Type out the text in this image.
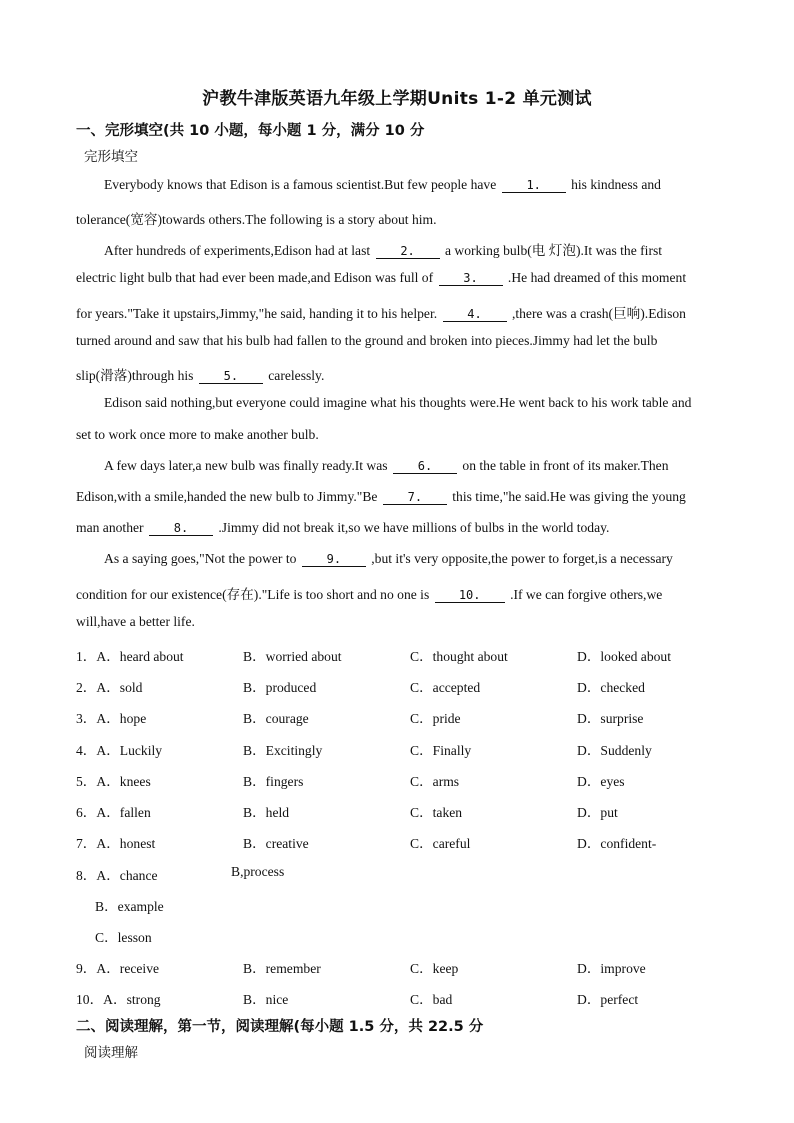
沪教牛津版英语九年级上学期Units 1-2 单元测试
一、完形填空(共 10 小题，每小题 1 分，满分 10 分
完形填空
Everybody knows that Edison is a famous scientist.But few people have	1. his kindness and
tolerance(宽容)towards others.The following is a story about him.
After hundreds of experiments,Edison had at last	2. a working bulb(电 灯泡).It was the first
electric light bulb that had ever been made,and Edison was full of	3. .He had dreamed of this moment
for years."Take it upstairs,Jimmy,"he said, handing it to his helper.	4. ,there was a crash(巨响).Edison
turned around and saw that his bulb had fallen to the ground and broken into pieces.Jimmy had let the bulb
slip(滑落)through his	5. carelessly.
Edison said nothing,but everyone could imagine what his thoughts were.He went back to his work table and
set to work once more to make another bulb.
A few days later,a new bulb was finally ready.It was	6. on the table in front of its maker.Then
Edison,with a smile,handed the new bulb to Jimmy."Be	7. this time,"he said.He was giving the young
man another	8. .Jimmy did not break it,so we have millions of bulbs in the world today.
As a saying goes,"Not the power to	9. ,but it's very opposite,the power to forget,is a necessary
condition for our existence(存在)."Life is too short and no one is 10. .If we can forgive others,we
will,have a better life.
1．A．heard about	B．worried about	C．thought about	D．looked about
2．A．sold	B．produced	C．accepted	D．checked
3．A．hope	B．courage	C．pride	D．surprise
4．A．Luckily	B．Excitingly	C．Finally	D．Suddenly
5．A．knees	B．fingers	C．arms	D．eyes
6．A．fallen	B．held	C．taken	D．put
7．A．honest	B．creative	C．careful	D．confident-
8．A．chance	B,process
B．example
C．lesson
9．A．receive	B．remember	C．keep	D．improve
10．A．strong	B．nice	C．bad	D．perfect
二、阅读理解，第一节，阅读理解(每小题 1.5 分，共 22.5 分
阅读理解
